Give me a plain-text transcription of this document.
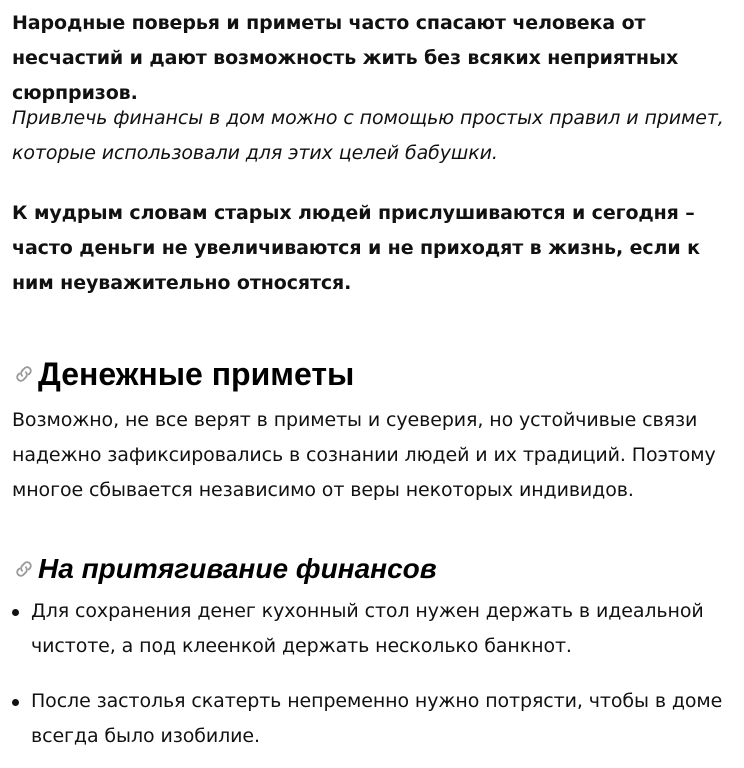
Народные поверья и приметы часто спасают человека от несчастий и дают возможность жить без всяких неприятных сюрпризов.

Привлечь финансы в дом можно с помощью простых правил и примет, которые использовали для этих целей бабушки.

К мудрым словам старых людей прислушиваются и сегодня – часто деньги не увеличиваются и не приходят в жизнь, если к ним неуважительно относятся.

Денежные приметы

Возможно, не все верят в приметы и суеверия, но устойчивые связи надежно зафиксировались в сознании людей и их традиций. Поэтому многое сбывается независимо от веры некоторых индивидов.

На притягивание финансов
Для сохранения денег кухонный стол нужен держать в идеальной чистоте, а под клеенкой держать несколько банкнот.
После застолья скатерть непременно нужно потрясти, чтобы в доме всегда было изобилие.
